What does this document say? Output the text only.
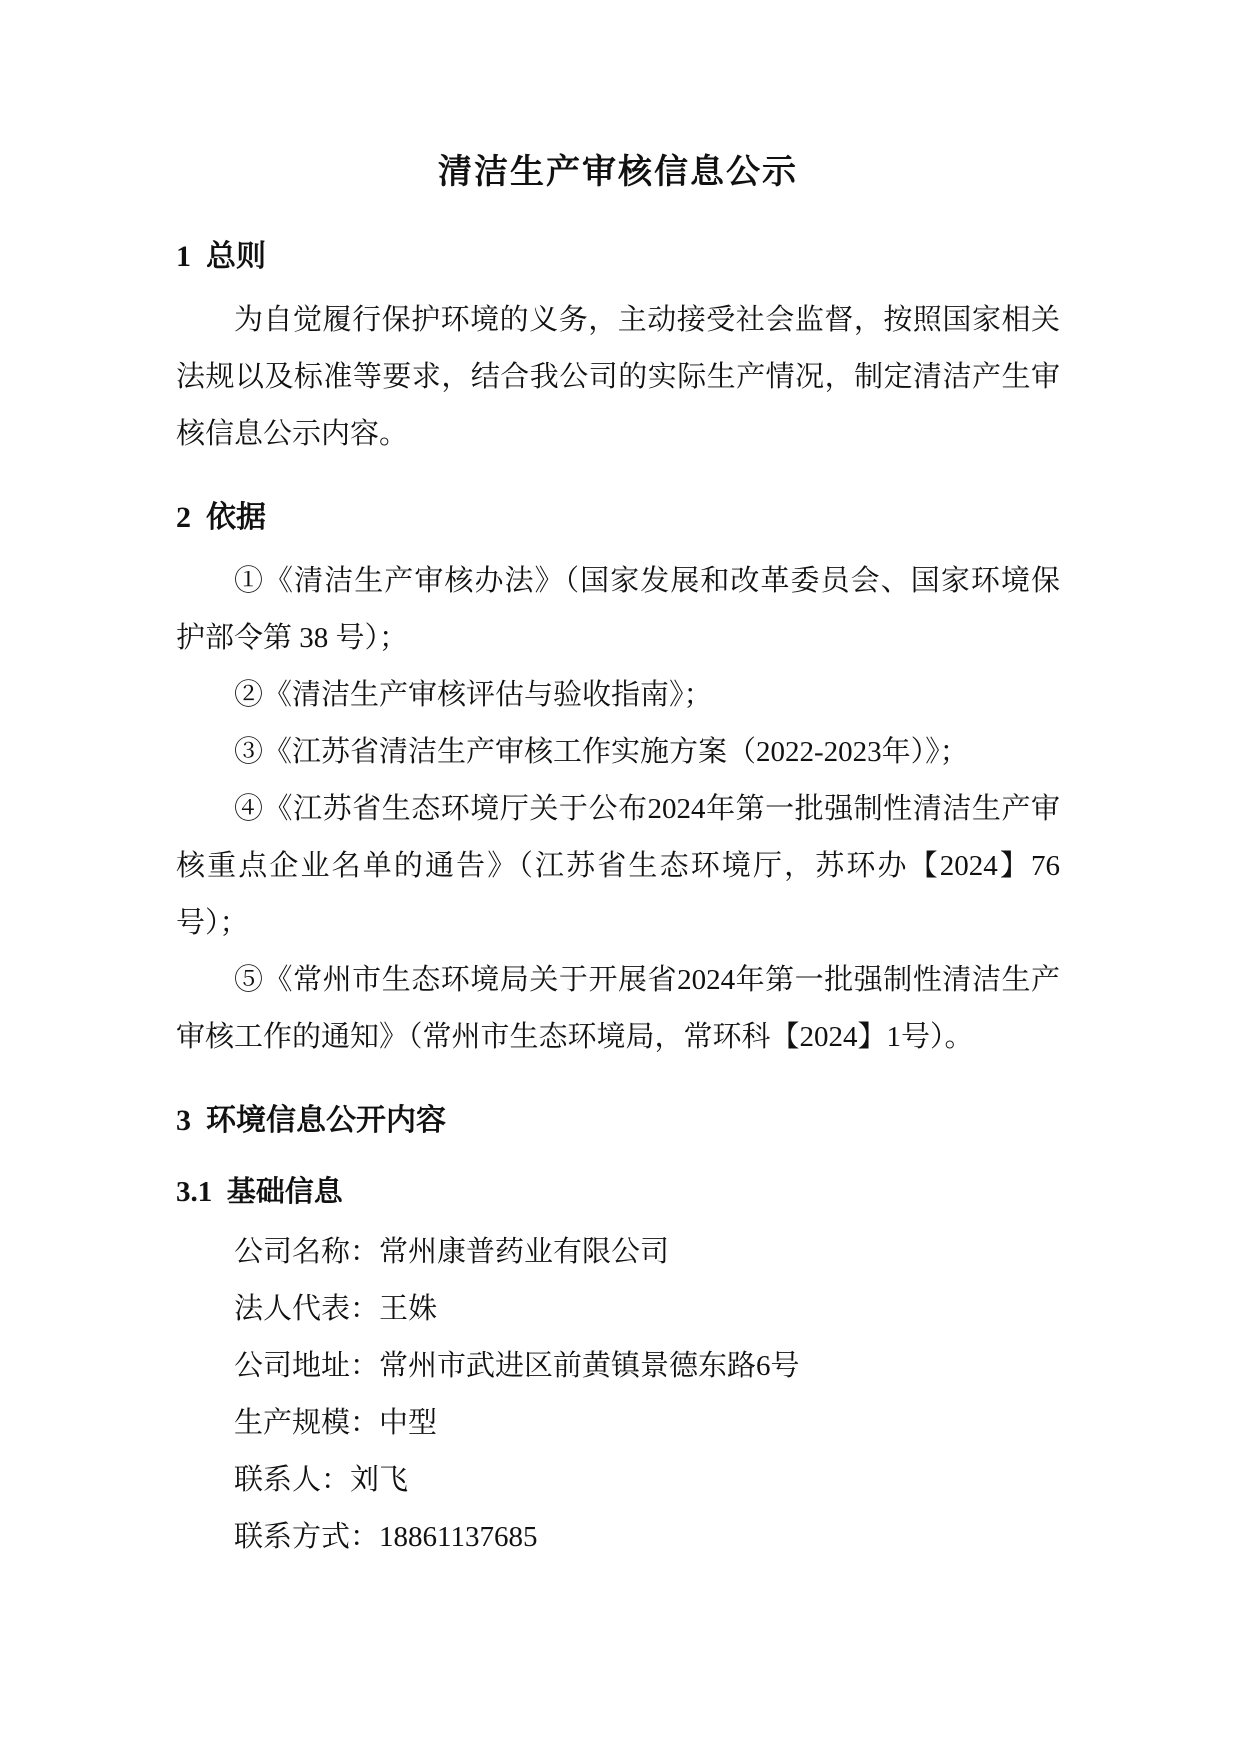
清洁生产审核信息公示
1 总则

为自觉履行保护环境的义务，主动接受社会监督，按照国家相关法规以及标准等要求，结合我公司的实际生产情况，制定清洁产生审核信息公示内容。

2 依据

①《清洁生产审核办法》（国家发展和改革委员会、国家环境保护部令第 38 号）；

②《清洁生产审核评估与验收指南》；

③《江苏省清洁生产审核工作实施方案（2022-2023年）》；

④《江苏省生态环境厅关于公布2024年第一批强制性清洁生产审核重点企业名单的通告》（江苏省生态环境厅，苏环办【2024】76号）；

⑤《常州市生态环境局关于开展省2024年第一批强制性清洁生产审核工作的通知》（常州市生态环境局，常环科【2024】1号）。

3 环境信息公开内容
3.1 基础信息

公司名称：常州康普药业有限公司

法人代表：王姝

公司地址：常州市武进区前黄镇景德东路6号

生产规模：中型

联系人：刘飞

联系方式：18861137685
